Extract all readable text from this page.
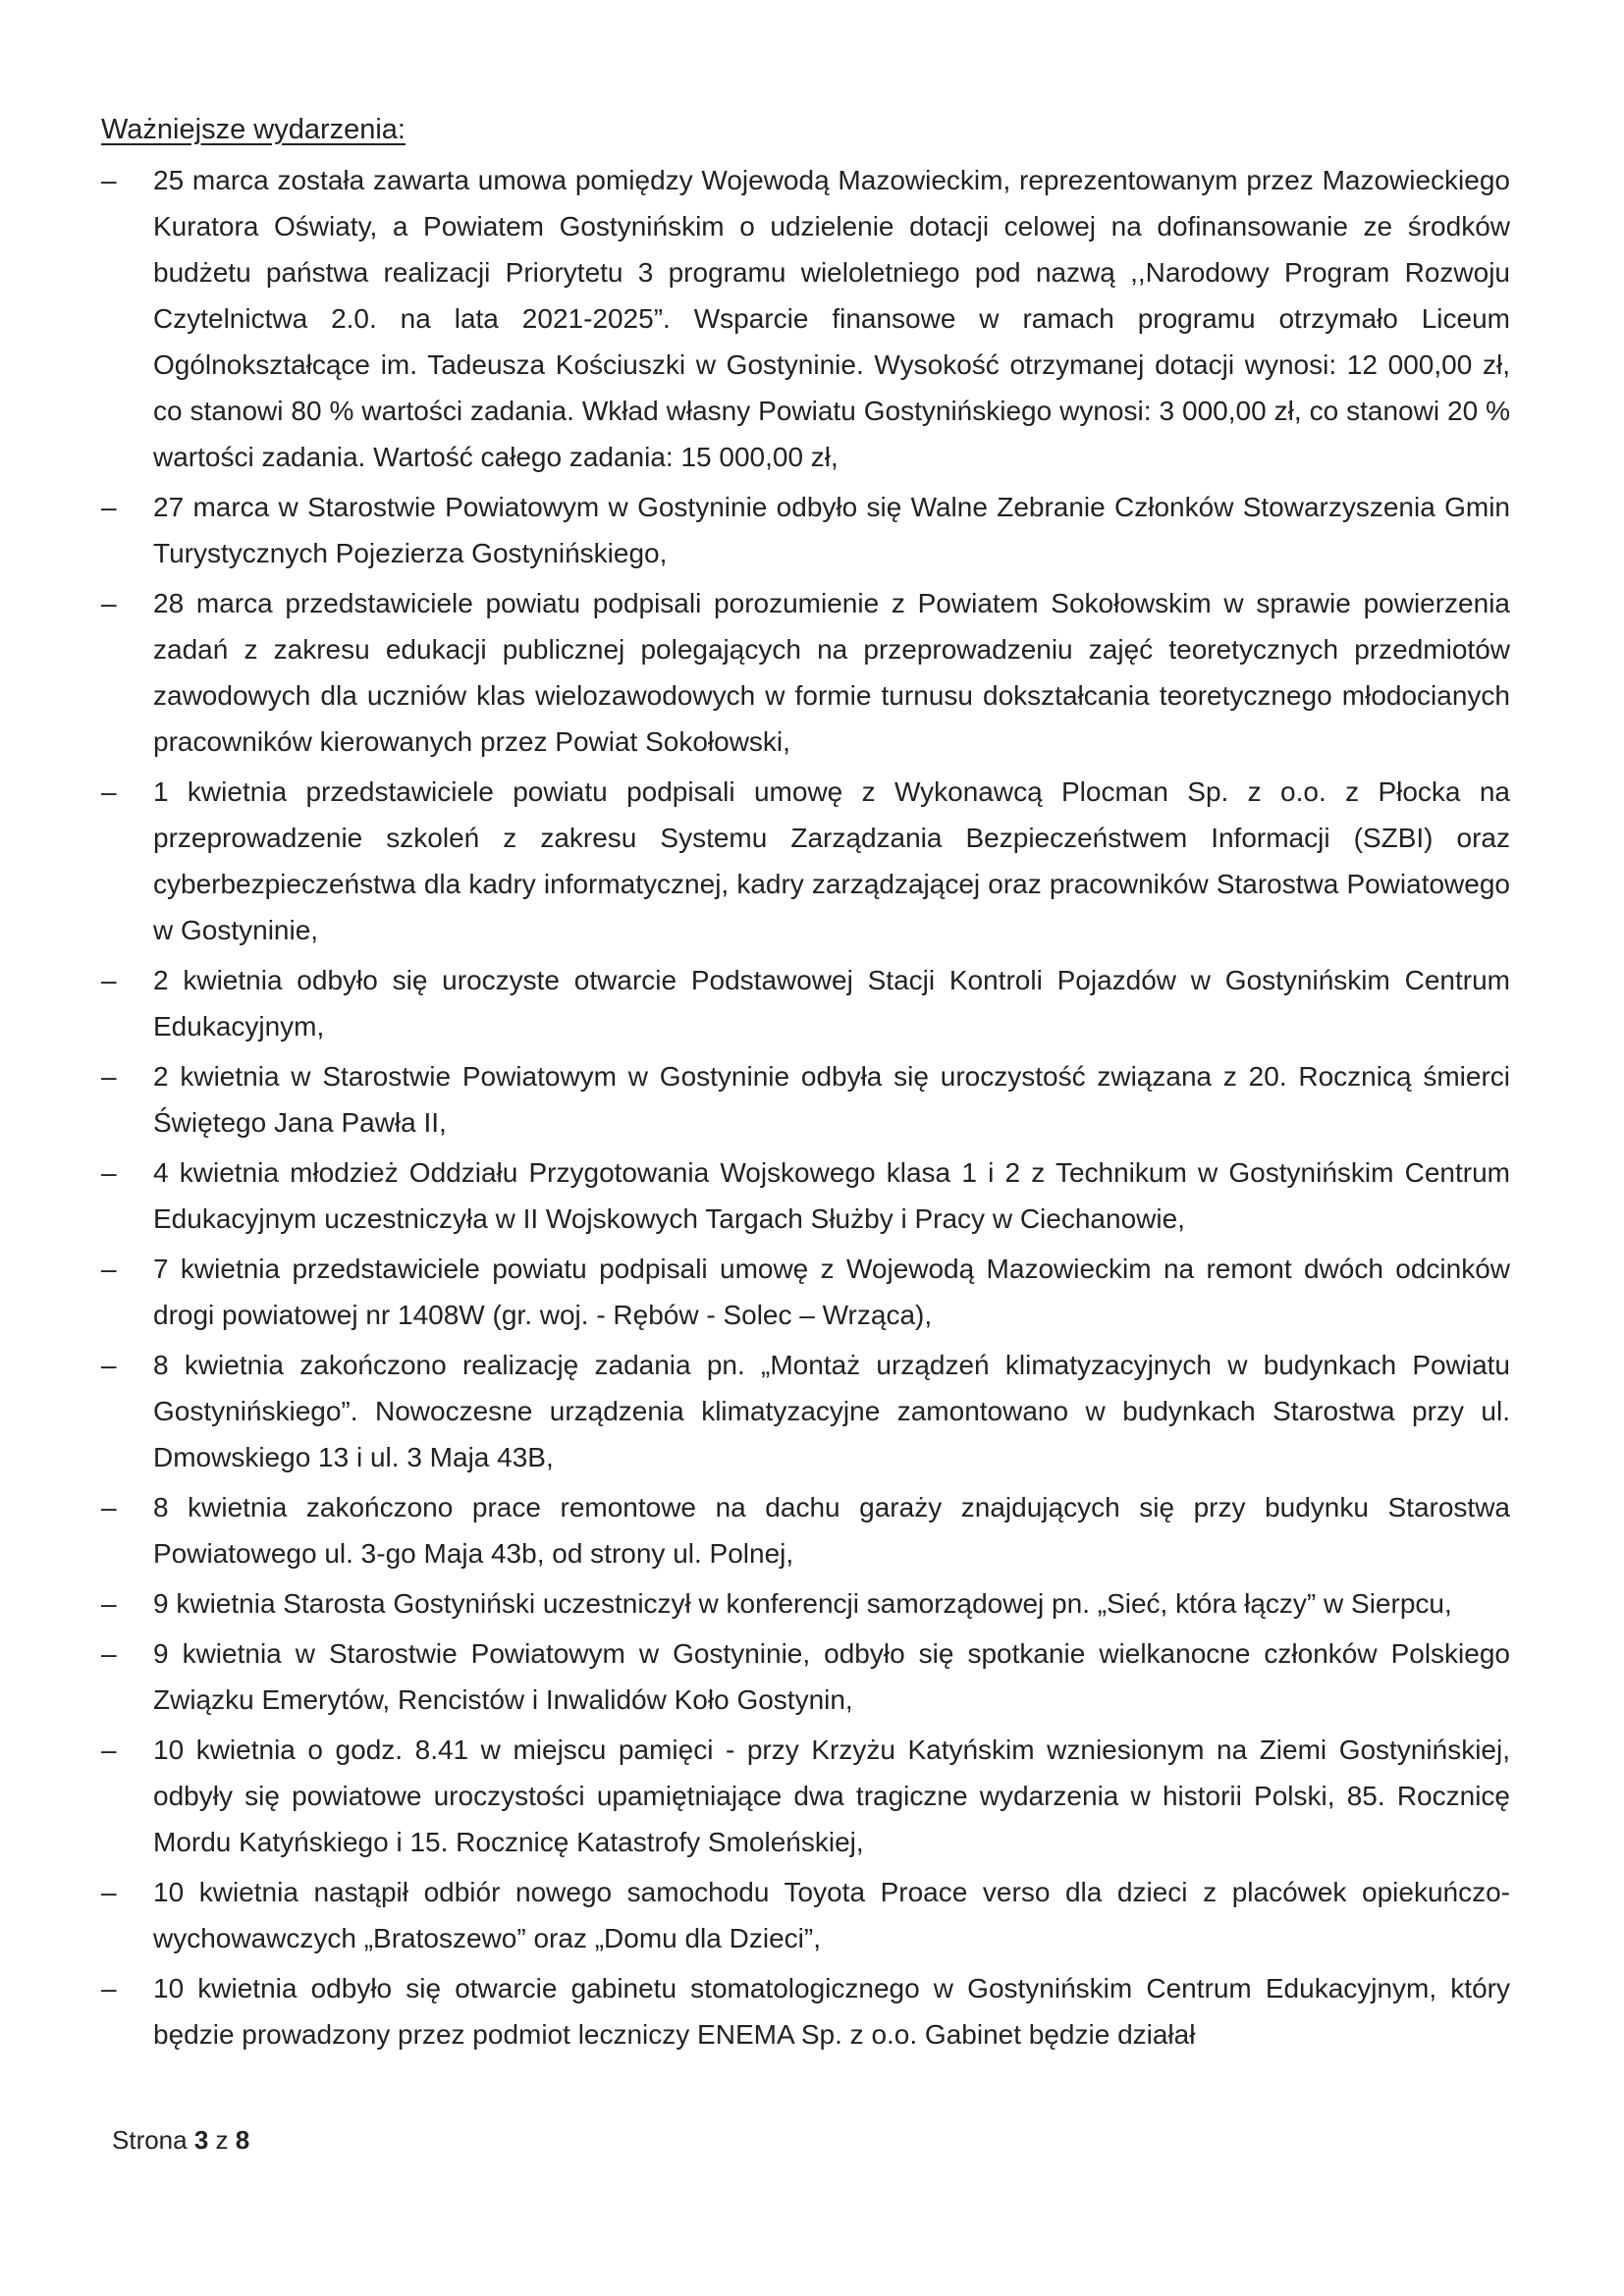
Ważniejsze wydarzenia:
– 25 marca została zawarta umowa pomiędzy Wojewodą Mazowieckim, reprezentowanym przez Mazowieckiego Kuratora Oświaty, a Powiatem Gostynińskim o udzielenie dotacji celowej na dofinansowanie ze środków budżetu państwa realizacji Priorytetu 3 programu wieloletniego pod nazwą ,,Narodowy Program Rozwoju Czytelnictwa 2.0. na lata 2021-2025”. Wsparcie finansowe w ramach programu otrzymało Liceum Ogólnokształcące im. Tadeusza Kościuszki w Gostyninie. Wysokość otrzymanej dotacji wynosi: 12 000,00 zł, co stanowi 80 % wartości zadania. Wkład własny Powiatu Gostynińskiego wynosi: 3 000,00 zł, co stanowi 20 % wartości zadania. Wartość całego zadania: 15 000,00 zł,
– 27 marca w Starostwie Powiatowym w Gostyninie odbyło się Walne Zebranie Członków Stowarzyszenia Gmin Turystycznych Pojezierza Gostynińskiego,
– 28 marca przedstawiciele powiatu podpisali porozumienie z Powiatem Sokołowskim w sprawie powierzenia zadań z zakresu edukacji publicznej polegających na przeprowadzeniu zajęć teoretycznych przedmiotów zawodowych dla uczniów klas wielozawodowych w formie turnusu dokształcania teoretycznego młodocianych pracowników kierowanych przez Powiat Sokołowski,
– 1 kwietnia przedstawiciele powiatu podpisali umowę z Wykonawcą Plocman Sp. z o.o. z Płocka na przeprowadzenie szkoleń z zakresu Systemu Zarządzania Bezpieczeństwem Informacji (SZBI) oraz cyberbezpieczeństwa dla kadry informatycznej, kadry zarządzającej oraz pracowników Starostwa Powiatowego w Gostyninie,
– 2 kwietnia odbyło się uroczyste otwarcie Podstawowej Stacji Kontroli Pojazdów w Gostynińskim Centrum Edukacyjnym,
– 2 kwietnia w Starostwie Powiatowym w Gostyninie odbyła się uroczystość związana z 20. Rocznicą śmierci Świętego Jana Pawła II,
– 4 kwietnia młodzież Oddziału Przygotowania Wojskowego klasa 1 i 2 z Technikum w Gostynińskim Centrum Edukacyjnym uczestniczyła w II Wojskowych Targach Służby i Pracy w Ciechanowie,
– 7 kwietnia przedstawiciele powiatu podpisali umowę z Wojewodą Mazowieckim na remont dwóch odcinków drogi powiatowej nr 1408W (gr. woj. - Rębów - Solec – Wrząca),
– 8 kwietnia zakończono realizację zadania pn. „Montaż urządzeń klimatyzacyjnych w budynkach Powiatu Gostynińskiego”. Nowoczesne urządzenia klimatyzacyjne zamontowano w budynkach Starostwa przy ul. Dmowskiego 13 i ul. 3 Maja 43B,
– 8 kwietnia zakończono prace remontowe na dachu garaży znajdujących się przy budynku Starostwa Powiatowego ul. 3-go Maja 43b, od strony ul. Polnej,
– 9 kwietnia Starosta Gostyniński uczestniczył w konferencji samorządowej pn. „Sieć, która łączy” w Sierpcu,
– 9 kwietnia w Starostwie Powiatowym w Gostyninie, odbyło się spotkanie wielkanocne członków Polskiego Związku Emerytów, Rencistów i Inwalidów Koło Gostynin,
– 10 kwietnia o godz. 8.41 w miejscu pamięci - przy Krzyżu Katyńskim wzniesionym na Ziemi Gostynińskiej, odbyły się powiatowe uroczystości upamiętniające dwa tragiczne wydarzenia w historii Polski, 85. Rocznicę Mordu Katyńskiego i 15. Rocznicę Katastrofy Smoleńskiej,
– 10 kwietnia nastąpił odbiór nowego samochodu Toyota Proace verso dla dzieci z placówek opiekuńczo-wychowawczych „Bratoszewo” oraz „Domu dla Dzieci”,
– 10 kwietnia odbyło się otwarcie gabinetu stomatologicznego w Gostynińskim Centrum Edukacyjnym, który będzie prowadzony przez podmiot leczniczy ENEMA Sp. z o.o. Gabinet będzie działał
Strona 3 z 8
